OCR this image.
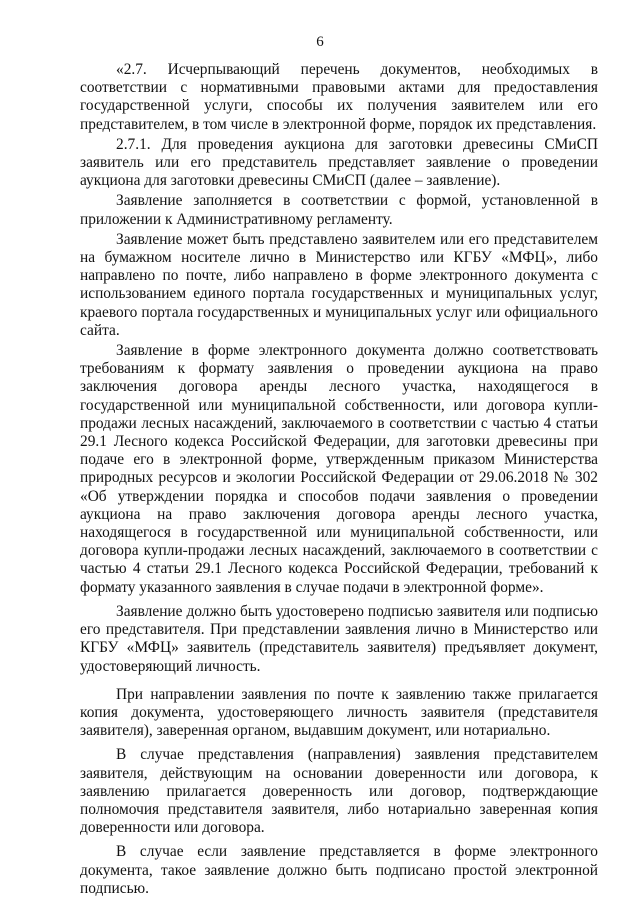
6

«2.7. Исчерпывающий перечень документов, необходимых в соответствии с нормативными правовыми актами для предоставления государственной услуги, способы их получения заявителем или его представителем, в том числе в электронной форме, порядок их представления.

2.7.1. Для проведения аукциона для заготовки древесины СМиСП заявитель или его представитель представляет заявление о проведении аукциона для заготовки древесины СМиСП (далее – заявление).

Заявление заполняется в соответствии с формой, установленной в приложении к Административному регламенту.

Заявление может быть представлено заявителем или его представителем на бумажном носителе лично в Министерство или КГБУ «МФЦ», либо направлено по почте, либо направлено в форме электронного документа с использованием единого портала государственных и муниципальных услуг, краевого портала государственных и муниципальных услуг или официального сайта.

Заявление в форме электронного документа должно соответствовать требованиям к формату заявления о проведении аукциона на право заключения договора аренды лесного участка, находящегося в государственной или муниципальной собственности, или договора купли-продажи лесных насаждений, заключаемого в соответствии с частью 4 статьи 29.1 Лесного кодекса Российской Федерации, для заготовки древесины при подаче его в электронной форме, утвержденным приказом Министерства природных ресурсов и экологии Российской Федерации от 29.06.2018 № 302 «Об утверждении порядка и способов подачи заявления о проведении аукциона на право заключения договора аренды лесного участка, находящегося в государственной или муниципальной собственности, или договора купли-продажи лесных насаждений, заключаемого в соответствии с частью 4 статьи 29.1 Лесного кодекса Российской Федерации, требований к формату указанного заявления в случае подачи в электронной форме».

Заявление должно быть удостоверено подписью заявителя или подписью его представителя. При представлении заявления лично в Министерство или КГБУ «МФЦ» заявитель (представитель заявителя) предъявляет документ, удостоверяющий личность.

При направлении заявления по почте к заявлению также прилагается копия документа, удостоверяющего личность заявителя (представителя заявителя), заверенная органом, выдавшим документ, или нотариально.

В случае представления (направления) заявления представителем заявителя, действующим на основании доверенности или договора, к заявлению прилагается доверенность или договор, подтверждающие полномочия представителя заявителя, либо нотариально заверенная копия доверенности или договора.

В случае если заявление представляется в форме электронного документа, такое заявление должно быть подписано простой электронной подписью.
